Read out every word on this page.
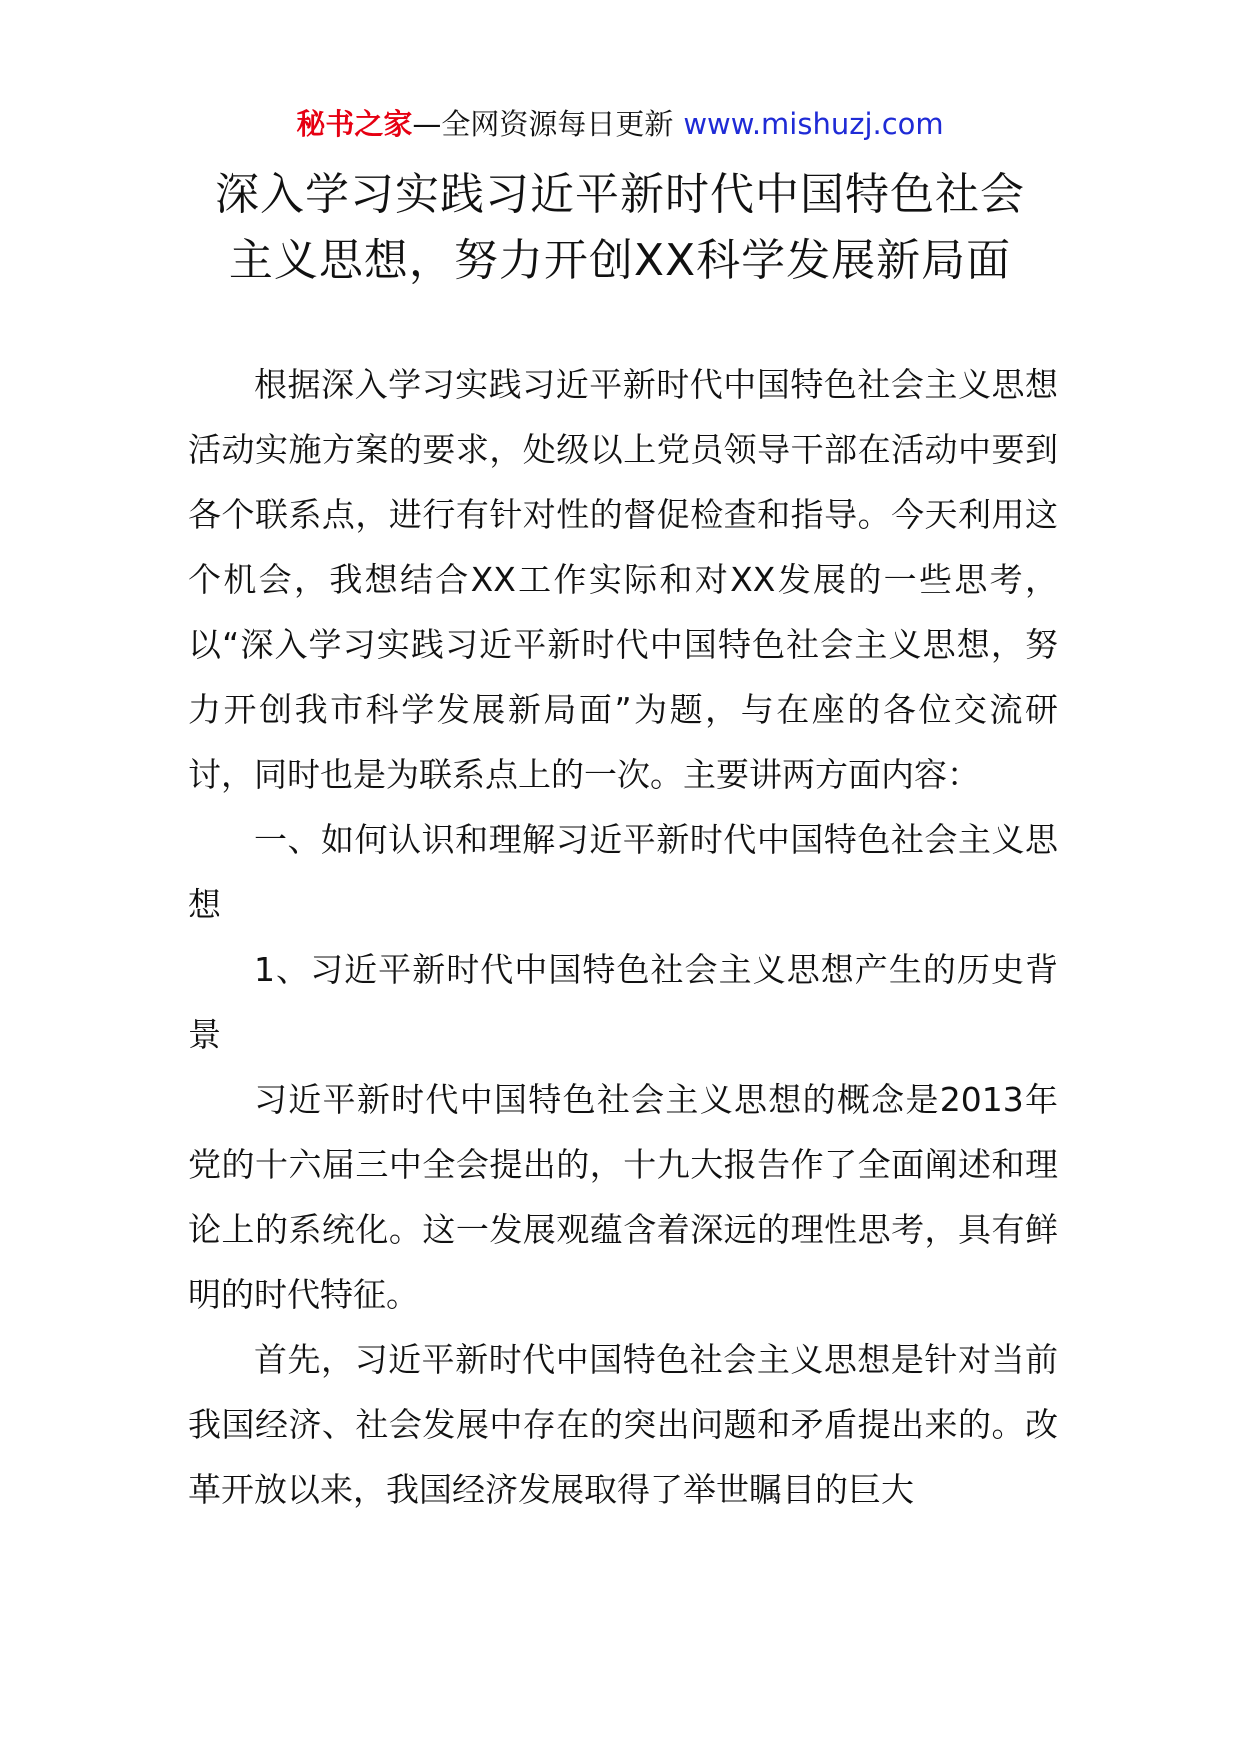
秘书之家—全网资源每日更新 www.mishuzj.com
深入学习实践习近平新时代中国特色社会
主义思想，努力开创XX科学发展新局面

根据深入学习实践习近平新时代中国特色社会主义思想活动实施方案的要求，处级以上党员领导干部在活动中要到各个联系点，进行有针对性的督促检查和指导。今天利用这个机会，我想结合XX工作实际和对XX发展的一些思考，以“深入学习实践习近平新时代中国特色社会主义思想，努力开创我市科学发展新局面”为题，与在座的各位交流研讨，同时也是为联系点上的一次。主要讲两方面内容：

一、如何认识和理解习近平新时代中国特色社会主义思想

1、习近平新时代中国特色社会主义思想产生的历史背景

习近平新时代中国特色社会主义思想的概念是2013年党的十六届三中全会提出的，十九大报告作了全面阐述和理论上的系统化。这一发展观蕴含着深远的理性思考，具有鲜明的时代特征。

首先，习近平新时代中国特色社会主义思想是针对当前我国经济、社会发展中存在的突出问题和矛盾提出来的。改革开放以来，我国经济发展取得了举世瞩目的巨大
